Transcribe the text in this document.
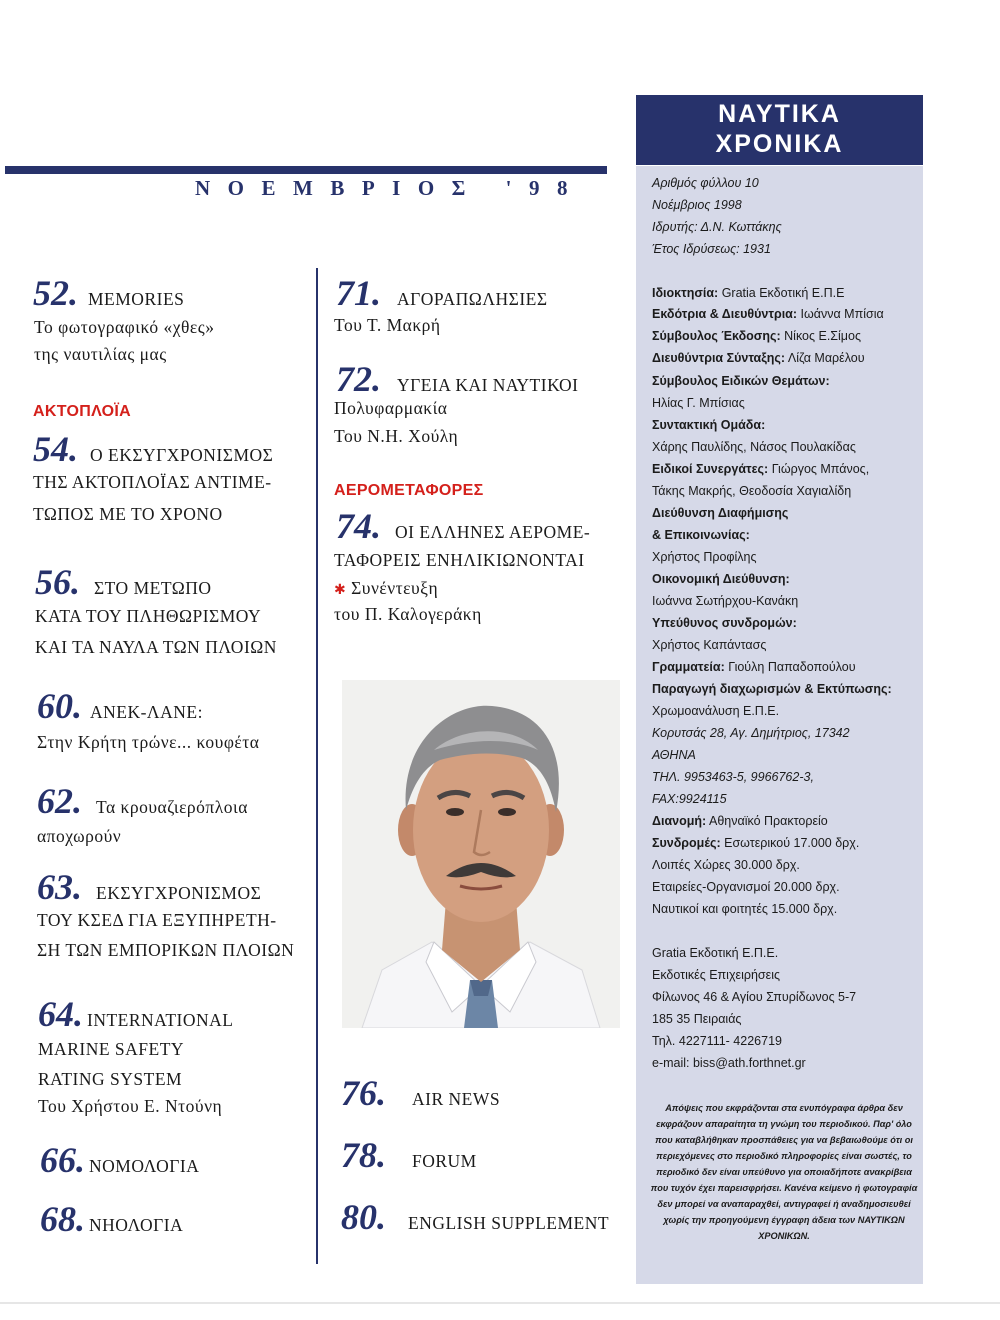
ΝΟΕΜΒΡΙΟΣ '98
52. MEMORIES
Το φωτογραφικό «χθες»
της ναυτιλίας μας
ΑΚΤΟΠΛΟΪΑ
54. Ο ΕΚΣΥΓΧΡΟΝΙΣΜΟΣ
ΤΗΣ ΑΚΤΟΠΛΟΪΑΣ ΑΝΤΙΜΕ-
ΤΩΠΟΣ ΜΕ ΤΟ ΧΡΟΝΟ
56. ΣΤΟ ΜΕΤΩΠΟ
ΚΑΤΑ ΤΟΥ ΠΛΗΘΩΡΙΣΜΟΥ
ΚΑΙ ΤΑ ΝΑΥΛΑ ΤΩΝ ΠΛΟΙΩΝ
60. ΑΝΕΚ-ΛΑΝΕ:
Στην Κρήτη τρώνε... κουφέτα
62. Τα κρουαζιερόπλοια
αποχωρούν
63. ΕΚΣΥΓΧΡΟΝΙΣΜΟΣ
ΤΟΥ ΚΣΕΔ ΓΙΑ ΕΞΥΠΗΡΕΤΗ-
ΣΗ ΤΩΝ ΕΜΠΟΡΙΚΩΝ ΠΛΟΙΩΝ
64. INTERNATIONAL
MARINE SAFETY
RATING SYSTEM
Του Χρήστου Ε. Ντούνη
66. ΝΟΜΟΛΟΓΙΑ
68. ΝΗΟΛΟΓΙΑ
71. ΑΓΟΡΑΠΩΛΗΣΙΕΣ
Του Τ. Μακρή
72. ΥΓΕΙΑ ΚΑΙ ΝΑΥΤΙΚΟΙ
Πολυφαρμακία
Του Ν.Η. Χούλη
ΑΕΡΟΜΕΤΑΦΟΡΕΣ
74. ΟΙ ΕΛΛΗΝΕΣ ΑΕΡΟΜΕ-
ΤΑΦΟΡΕΙΣ ΕΝΗΛΙΚΙΩΝΟΝΤΑΙ
✱ Συνέντευξη
του Π. Καλογεράκη
76. AIR NEWS
78. FORUM
80. ENGLISH SUPPLEMENT
ΝΑΥΤΙΚΑ
ΧΡΟΝΙΚΑ
Αριθμός φύλλου 10
Νοέμβριος 1998
Ιδρυτής: Δ.Ν. Κωττάκης
Έτος Ιδρύσεως: 1931
Ιδιοκτησία: Gratia Εκδοτική Ε.Π.Ε
Εκδότρια & Διευθύντρια: Ιωάννα Μπίσια
Σύμβουλος Έκδοσης: Νίκος Ε.Σίμος
Διευθύντρια Σύνταξης: Λίζα Μαρέλου
Σύμβουλος Ειδικών Θεμάτων:
Ηλίας Γ. Μπίσιας
Συντακτική Ομάδα:
Χάρης Παυλίδης, Νάσος Πουλακίδας
Ειδικοί Συνεργάτες: Γιώργος Μπάνος,
Τάκης Μακρής, Θεοδοσία Χαγιαλίδη
Διεύθυνση Διαφήμισης
& Επικοινωνίας:
Χρήστος Προφίλης
Οικονομική Διεύθυνση:
Ιωάννα Σωτήρχου-Κανάκη
Υπεύθυνος συνδρομών:
Χρήστος Καπάντασς
Γραμματεία: Γιούλη Παπαδοπούλου
Παραγωγή διαχωρισμών & Εκτύπωσης:
Χρωμοανάλυση Ε.Π.Ε.
Κορυτσάς 28, Αγ. Δημήτριος, 17342
ΑΘΗΝΑ
ΤΗΛ. 9953463-5, 9966762-3,
FAX:9924115
Διανομή: Αθηναϊκό Πρακτορείο
Συνδρομές: Εσωτερικού 17.000 δρχ.
Λοιπές Χώρες 30.000 δρχ.
Εταιρείες-Οργανισμοί 20.000 δρχ.
Ναυτικοί και φοιτητές 15.000 δρχ.
Gratia Εκδοτική Ε.Π.Ε.
Εκδοτικές Επιχειρήσεις
Φίλωνος 46 & Αγίου Σπυρίδωνος 5-7
185 35 Πειραιάς
Τηλ. 4227111- 4226719
e-mail: biss@ath.forthnet.gr
Απόψεις που εκφράζονται στα ενυπόγραφα άρθρα δεν εκφράζουν απαραίτητα τη γνώμη του περιοδικού. Παρ' όλο που καταβλήθηκαν προσπάθειες για να βεβαιωθούμε ότι οι περιεχόμενες στο περιοδικό πληροφορίες είναι σωστές, το περιοδικό δεν είναι υπεύθυνο για οποιαδήποτε ανακρίβεια που τυχόν έχει παρεισφρήσει. Κανένα κείμενο ή φωτογραφία δεν μπορεί να αναπαραχθεί, αντιγραφεί ή αναδημοσιευθεί χωρίς την προηγούμενη έγγραφη άδεια των ΝΑΥΤΙΚΩΝ ΧΡΟΝΙΚΩΝ.
